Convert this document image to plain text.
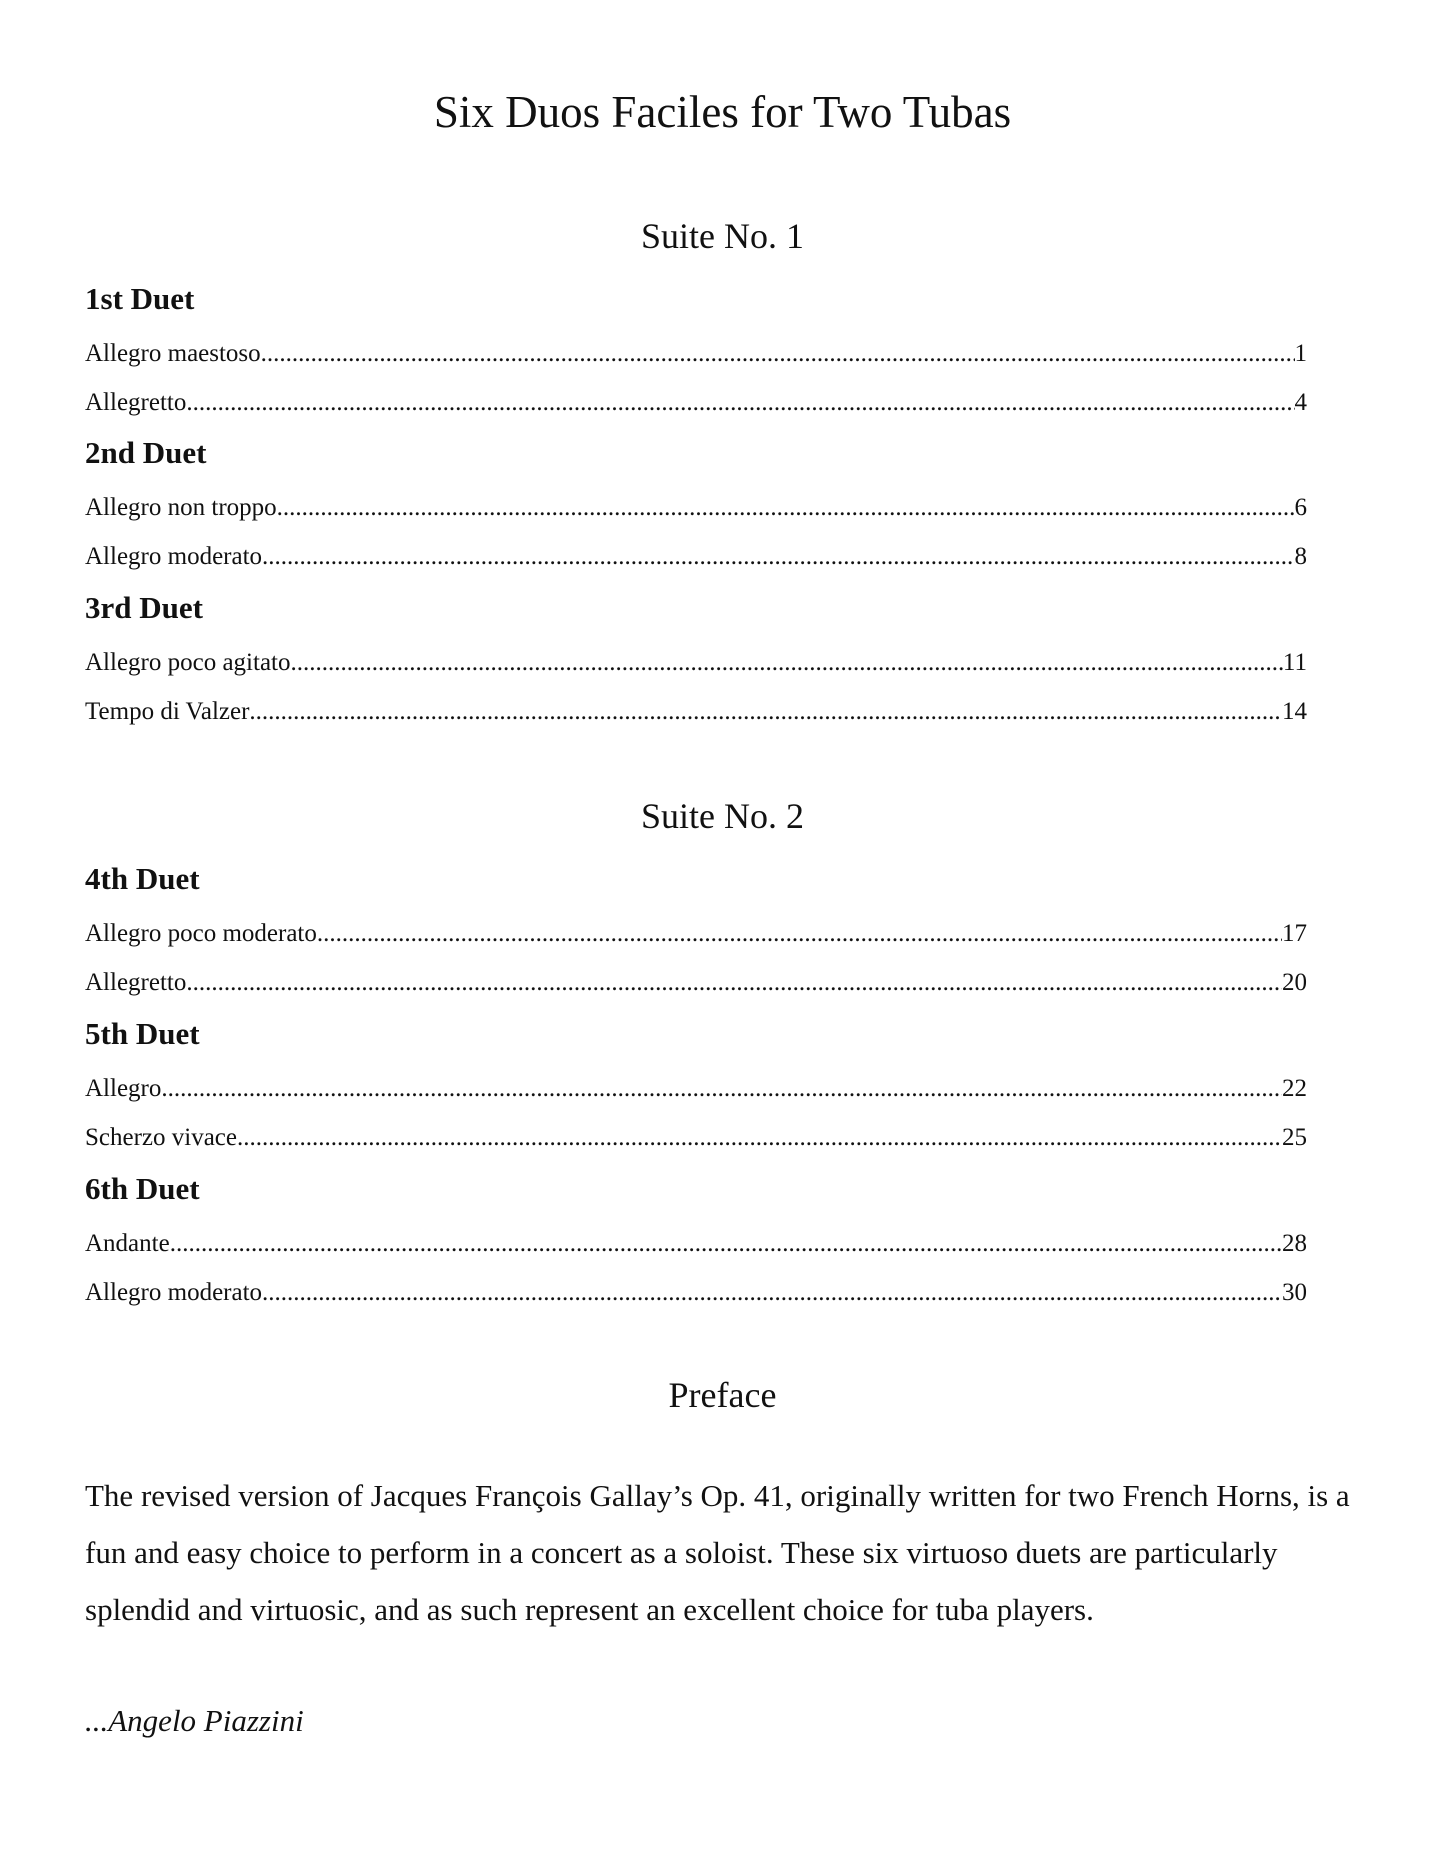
Six Duos Faciles for Two Tubas
Suite No. 1
1st Duet
Allegro maestoso .....	1
Allegretto .....	4
2nd Duet
Allegro non troppo .....	6
Allegro moderato .....	8
3rd Duet
Allegro poco agitato .....	11
Tempo di Valzer .....	14
Suite No. 2
4th Duet
Allegro poco moderato .....	17
Allegretto .....	20
5th Duet
Allegro .....	22
Scherzo vivace .....	25
6th Duet
Andante .....	28
Allegro moderato .....	30
Preface

The revised version of Jacques François Gallay’s Op. 41, originally written for two French Horns, is a fun and easy choice to perform in a concert as a soloist. These six virtuoso duets are particularly splendid and virtuosic, and as such represent an excellent choice for tuba players.

...Angelo Piazzini
